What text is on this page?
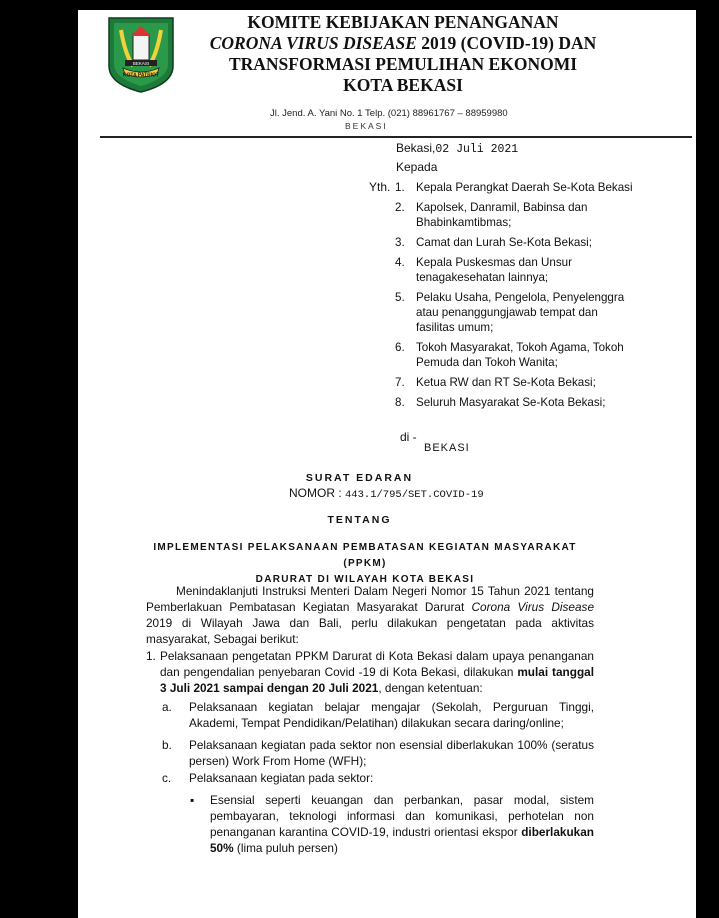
BEKASI
KOTA PATRIOT
KOMITE KEBIJAKAN PENANGANAN
CORONA VIRUS DISEASE 2019 (COVID-19) DAN
TRANSFORMASI PEMULIHAN EKONOMI
KOTA BEKASI
Jl. Jend. A. Yani No. 1 Telp. (021) 88961767 – 88959980
BEKASI
Bekasi,02 Juli 2021
Kepada
Yth. 1. Kepala Perangkat Daerah Se-Kota Bekasi
2. Kapolsek, Danramil, Babinsa dan Bhabinkamtibmas;
3. Camat dan Lurah Se-Kota Bekasi;
4. Kepala Puskesmas dan Unsur tenagakesehatan lainnya;
5. Pelaku Usaha, Pengelola, Penyelenggra atau penanggungjawab tempat dan fasilitas umum;
6. Tokoh Masyarakat, Tokoh Agama, Tokoh Pemuda dan Tokoh Wanita;
7. Ketua RW dan RT Se-Kota Bekasi;
8. Seluruh Masyarakat Se-Kota Bekasi;
di -
BEKASI
SURAT EDARAN
NOMOR : 443.1/795/SET.COVID-19
TENTANG
IMPLEMENTASI PELAKSANAAN PEMBATASAN KEGIATAN MASYARAKAT (PPKM)
DARURAT DI WILAYAH KOTA BEKASI
Menindaklanjuti Instruksi Menteri Dalam Negeri Nomor 15 Tahun 2021 tentang Pemberlakuan Pembatasan Kegiatan Masyarakat Darurat Corona Virus Disease 2019 di Wilayah Jawa dan Bali, perlu dilakukan pengetatan pada aktivitas masyarakat, Sebagai berikut:
1. Pelaksanaan pengetatan PPKM Darurat di Kota Bekasi dalam upaya penanganan dan pengendalian penyebaran Covid -19 di Kota Bekasi, dilakukan mulai tanggal 3 Juli 2021 sampai dengan 20 Juli 2021, dengan ketentuan:
a. Pelaksanaan kegiatan belajar mengajar (Sekolah, Perguruan Tinggi, Akademi, Tempat Pendidikan/Pelatihan) dilakukan secara daring/online;
b. Pelaksanaan kegiatan pada sektor non esensial diberlakukan 100% (seratus persen) Work From Home (WFH);
c. Pelaksanaan kegiatan pada sektor:
▪ Esensial seperti keuangan dan perbankan, pasar modal, sistem pembayaran, teknologi informasi dan komunikasi, perhotelan non penanganan karantina COVID-19, industri orientasi ekspor diberlakukan 50% (lima puluh persen)
